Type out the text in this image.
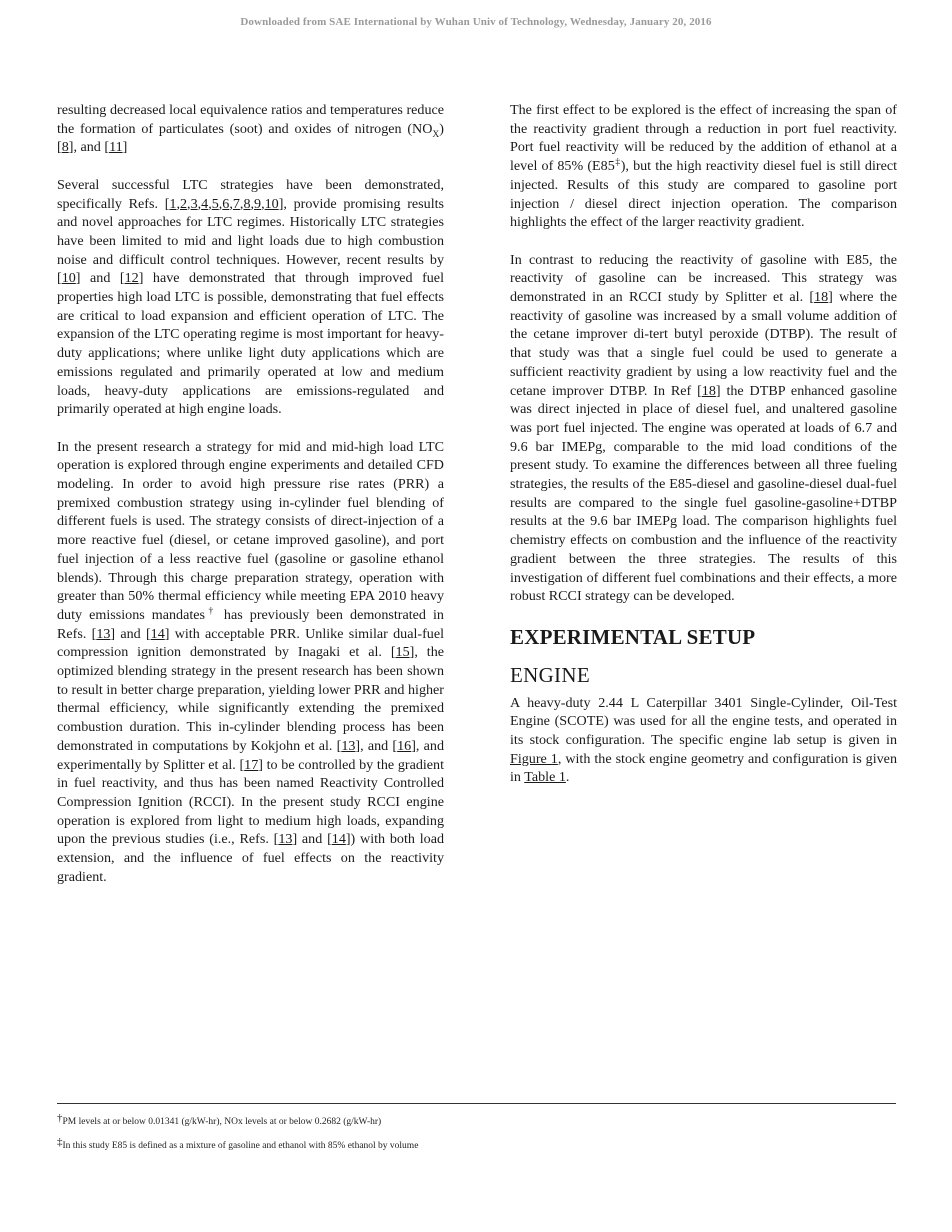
Downloaded from SAE International by Wuhan Univ of Technology, Wednesday, January 20, 2016

resulting decreased local equivalence ratios and temperatures reduce the formation of particulates (soot) and oxides of nitrogen $(NO_X)$ [8], and [11]

Several successful LTC strategies have been demonstrated, specifically Refs. [1,2,3,4,5,6,7,8,9,10], provide promising results and novel approaches for LTC regimes. Historically LTC strategies have been limited to mid and light loads due to high combustion noise and difficult control techniques. However, recent results by [10] and [12] have demonstrated that through improved fuel properties high load LTC is possible, demonstrating that fuel effects are critical to load expansion and efficient operation of LTC. The expansion of the LTC operating regime is most important for heavy-duty applications; where unlike light duty applications which are emissions regulated and primarily operated at low and medium loads, heavy-duty applications are emissions-regulated and primarily operated at high engine loads.

In the present research a strategy for mid and mid-high load LTC operation is explored through engine experiments and detailed CFD modeling. In order to avoid high pressure rise rates (PRR) a premixed combustion strategy using in-cylinder fuel blending of different fuels is used. The strategy consists of direct-injection of a more reactive fuel (diesel, or cetane improved gasoline), and port fuel injection of a less reactive fuel (gasoline or gasoline ethanol blends). Through this charge preparation strategy, operation with greater than 50% thermal efficiency while meeting EPA 2010 heavy duty emissions mandates† has previously been demonstrated in Refs. [13] and [14] with acceptable PRR. Unlike similar dual-fuel compression ignition demonstrated by Inagaki et al. [15], the optimized blending strategy in the present research has been shown to result in better charge preparation, yielding lower PRR and higher thermal efficiency, while significantly extending the premixed combustion duration. This in-cylinder blending process has been demonstrated in computations by Kokjohn et al. [13], and [16], and experimentally by Splitter et al. [17] to be controlled by the gradient in fuel reactivity, and thus has been named Reactivity Controlled Compression Ignition (RCCI). In the present study RCCI engine operation is explored from light to medium high loads, expanding upon the previous studies (i.e., Refs. [13] and [14]) with both load extension, and the influence of fuel effects on the reactivity gradient.

The first effect to be explored is the effect of increasing the span of the reactivity gradient through a reduction in port fuel reactivity. Port fuel reactivity will be reduced by the addition of ethanol at a level of 85% (E85‡), but the high reactivity diesel fuel is still direct injected. Results of this study are compared to gasoline port injection / diesel direct injection operation. The comparison highlights the effect of the larger reactivity gradient.

In contrast to reducing the reactivity of gasoline with E85, the reactivity of gasoline can be increased. This strategy was demonstrated in an RCCI study by Splitter et al. [18] where the reactivity of gasoline was increased by a small volume addition of the cetane improver di-tert butyl peroxide (DTBP). The result of that study was that a single fuel could be used to generate a sufficient reactivity gradient by using a low reactivity fuel and the cetane improver DTBP. In Ref [18] the DTBP enhanced gasoline was direct injected in place of diesel fuel, and unaltered gasoline was port fuel injected. The engine was operated at loads of 6.7 and 9.6 bar IMEPg, comparable to the mid load conditions of the present study. To examine the differences between all three fueling strategies, the results of the E85-diesel and gasoline-diesel dual-fuel results are compared to the single fuel gasoline-gasoline+DTBP results at the 9.6 bar IMEPg load. The comparison highlights fuel chemistry effects on combustion and the influence of the reactivity gradient between the three strategies. The results of this investigation of different fuel combinations and their effects, a more robust RCCI strategy can be developed.

EXPERIMENTAL SETUP
ENGINE

A heavy-duty 2.44 L Caterpillar 3401 Single-Cylinder, Oil-Test Engine (SCOTE) was used for all the engine tests, and operated in its stock configuration. The specific engine lab setup is given in Figure 1, with the stock engine geometry and configuration is given in Table 1.

†PM levels at or below 0.01341 (g/kW-hr), NOx levels at or below 0.2682 (g/kW-hr)
‡In this study E85 is defined as a mixture of gasoline and ethanol with 85% ethanol by volume
